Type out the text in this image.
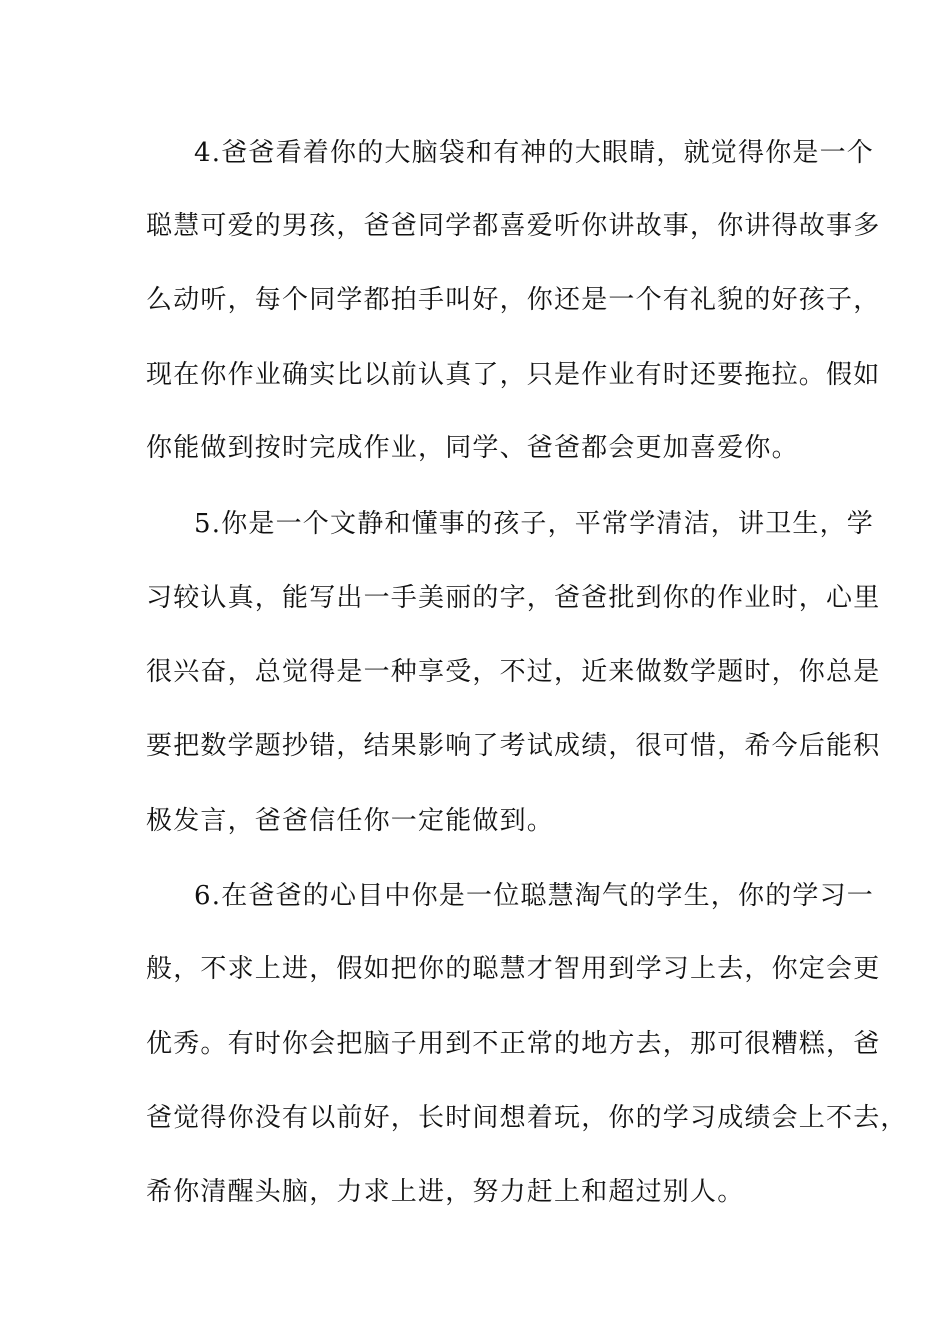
4.爸爸看着你的大脑袋和有神的大眼睛，就觉得你是一个
聪慧可爱的男孩，爸爸同学都喜爱听你讲故事，你讲得故事多
么动听，每个同学都拍手叫好，你还是一个有礼貌的好孩子，
现在你作业确实比以前认真了，只是作业有时还要拖拉。假如
你能做到按时完成作业，同学、爸爸都会更加喜爱你。
5.你是一个文静和懂事的孩子，平常学清洁，讲卫生，学
习较认真，能写出一手美丽的字，爸爸批到你的作业时，心里
很兴奋，总觉得是一种享受，不过，近来做数学题时，你总是
要把数学题抄错，结果影响了考试成绩，很可惜，希今后能积
极发言，爸爸信任你一定能做到。
6.在爸爸的心目中你是一位聪慧淘气的学生，你的学习一
般，不求上进，假如把你的聪慧才智用到学习上去，你定会更
优秀。有时你会把脑子用到不正常的地方去，那可很糟糕，爸
爸觉得你没有以前好，长时间想着玩，你的学习成绩会上不去，
希你清醒头脑，力求上进，努力赶上和超过别人。
